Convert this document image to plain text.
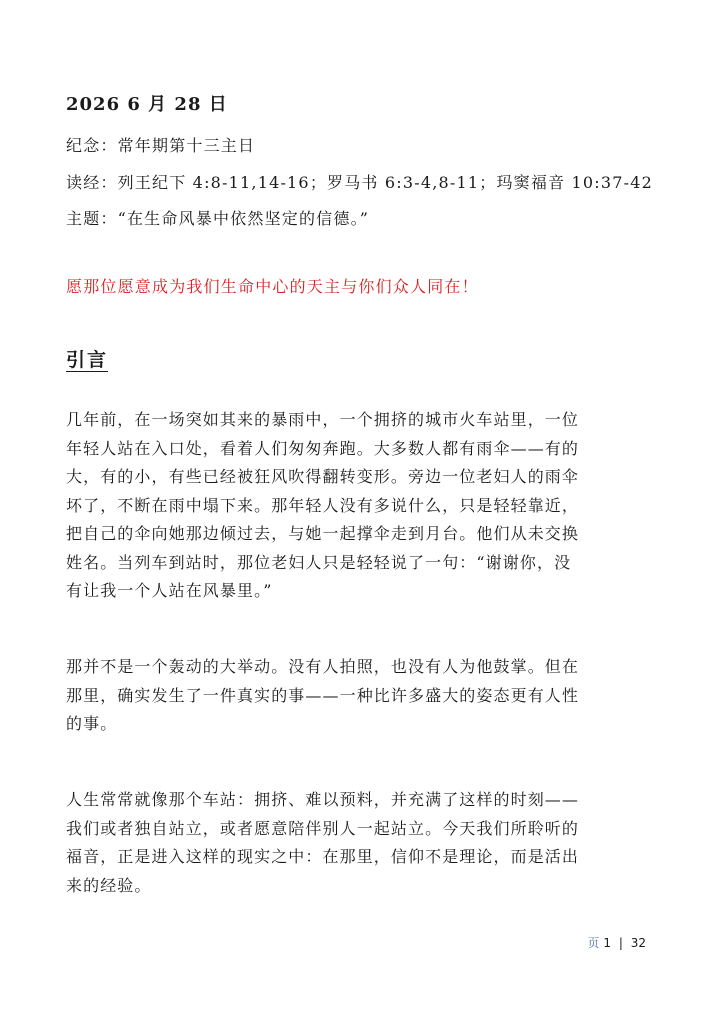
2026 6 月 28 日
纪念：常年期第十三主日
读经：列王纪下 4:8-11,14-16；罗马书 6:3-4,8-11；玛窦福音 10:37-42
主题：“在生命风暴中依然坚定的信德。”
愿那位愿意成为我们生命中心的天主与你们众人同在！
引言
几年前，在一场突如其来的暴雨中，一个拥挤的城市火车站里，一位
年轻人站在入口处，看着人们匆匆奔跑。大多数人都有雨伞——有的
大，有的小，有些已经被狂风吹得翻转变形。旁边一位老妇人的雨伞
坏了，不断在雨中塌下来。那年轻人没有多说什么，只是轻轻靠近，
把自己的伞向她那边倾过去，与她一起撑伞走到月台。他们从未交换
姓名。当列车到站时，那位老妇人只是轻轻说了一句：“谢谢你，没
有让我一个人站在风暴里。”
那并不是一个轰动的大举动。没有人拍照，也没有人为他鼓掌。但在
那里，确实发生了一件真实的事——一种比许多盛大的姿态更有人性
的事。
人生常常就像那个车站：拥挤、难以预料，并充满了这样的时刻——
我们或者独自站立，或者愿意陪伴别人一起站立。今天我们所聆听的
福音，正是进入这样的现实之中：在那里，信仰不是理论，而是活出
来的经验。
页 1 | 32
